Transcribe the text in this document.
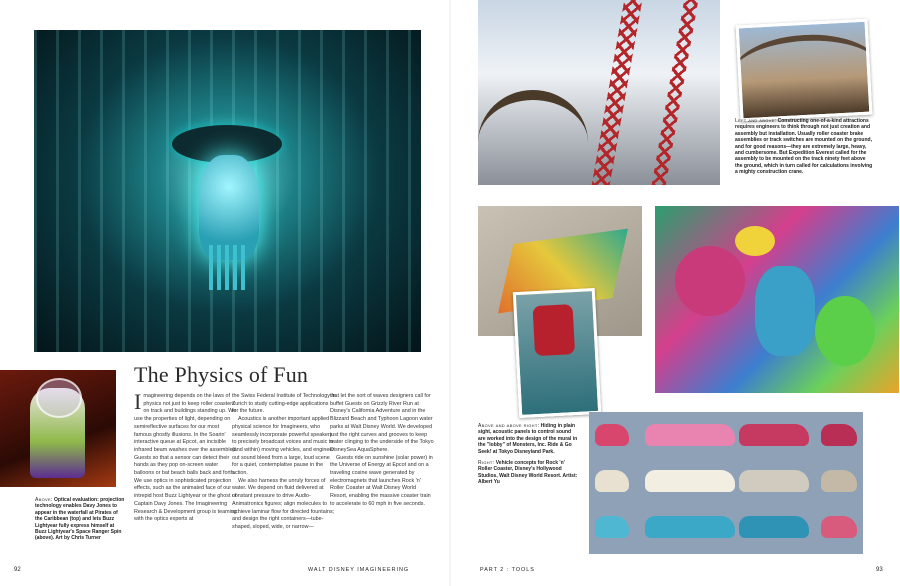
The Physics of Fun
I magineering depends on the laws of physics not just to keep roller coasters on track and buildings standing up. We use the properties of light, depending on semireflective surfaces for our most famous ghostly illusions. In the Soarin' interactive queue at Epcot, an incisible infrared beam washes over the assembled Guests so that a sensor can detect their hands as they pop on-screen water balloons or bat beach balls back and forth. We use optics in sophisticated projection effects, such as the animated face of our intrepid host Buzz Lightyear or the ghost of Captain Davy Jones. The Imagineering Research & Development group is teaming with the optics experts at

the Swiss Federal Institute of Technology in Zurich to study cutting-edge applications for the future.

Acoustics is another important applied physical science for Imagineers, who seamlessly incorporate powerful speakers to precisely broadcast voices and music to (and within) moving vehicles, and engineer out sound bleed from a large, loud scene for a quiet, contemplative pause in the action.

We also harness the unruly forces of water. We depend on fluid delivered at constant pressure to drive Audio-Animatronics figures; align molecules to achieve laminar flow for directed fountains; and design the right containers—tube-shaped, sloped, wide, or narrow—

that let the sort of waves designers call for buffet Guests on Grizzly River Run at Disney's California Adventure and in the Blizzard Beach and Typhoon Lagoon water parks at Walt Disney World. We developed just the right curves and grooves to keep water clinging to the underside of the Tokyo DisneySea AquaSphere.

Guests ride on sunshine (solar power) in the Universe of Energy at Epcot and on a traveling cosine wave generated by electromagnets that launches Rock 'n' Roller Coaster at Walt Disney World Resort, enabling the massive coaster train to accelerate to 60 mph in five seconds.

Above: Optical evaluation: projection technology enables Davy Jones to appear in the waterfall at Pirates of the Caribbean (top) and lets Buzz Lightyear fully express himself at Buzz Lightyear's Space Ranger Spin (above). Art by Chris Turner
Left and above: Constructing one-of-a-kind attractions requires engineers to think through not just creation and assembly but installation. Usually roller coaster brake assemblies or track switches are mounted on the ground, and for good reasons—they are extremely large, heavy, and cumbersome. But Expedition Everest called for the assembly to be mounted on the track ninety feet above the ground, which in turn called for calculations involving a mighty construction crane.

Above and above right: Hiding in plain sight, acoustic panels to control sound are worked into the design of the mural in the "lobby" of Monsters, Inc. Ride & Go Seek! at Tokyo Disneyland Park.

Right: Vehicle concepts for Rock 'n' Roller Coaster, Disney's Hollywood Studios, Walt Disney World Resort. Artist: Albert Yu

92	WALT DISNEY IMAGINEERING	PART 2 : TOOLS	93
